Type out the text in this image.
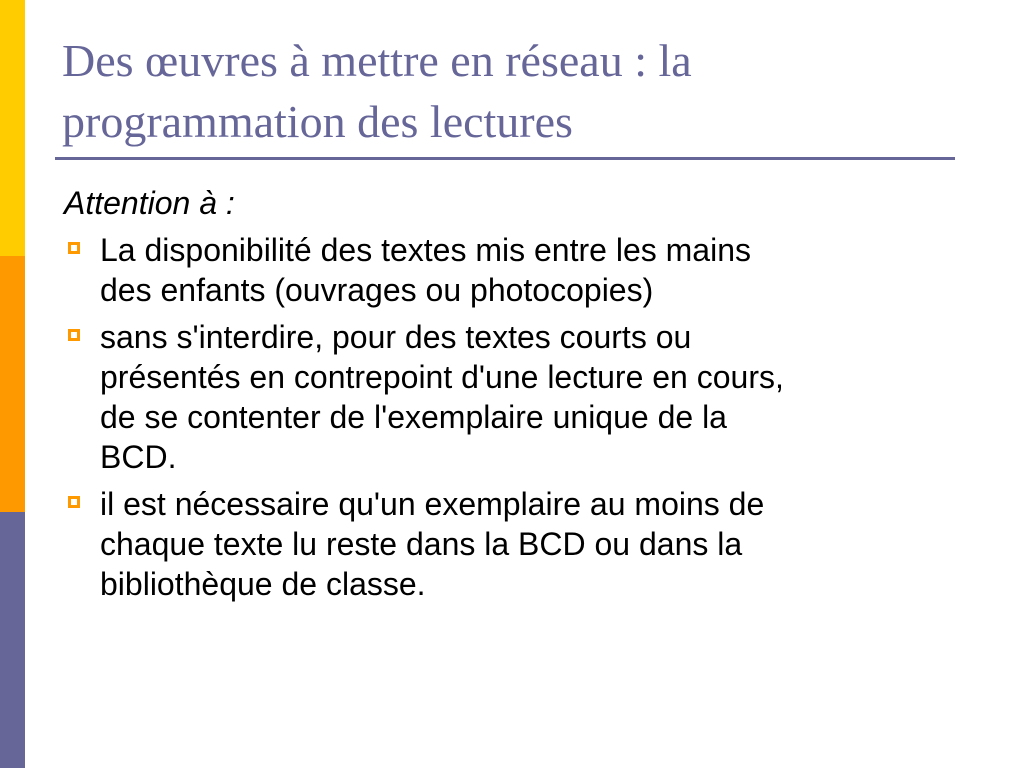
Des œuvres à mettre en réseau : la
programmation des lectures

Attention à :

La disponibilité des textes mis entre les mains
des enfants (ouvrages ou photocopies)
sans s'interdire, pour des textes courts ou
présentés en contrepoint d'une lecture en cours,
de se contenter de l'exemplaire unique de la
BCD.
il est nécessaire qu'un exemplaire au moins de
chaque texte lu reste dans la BCD ou dans la
bibliothèque de classe.
